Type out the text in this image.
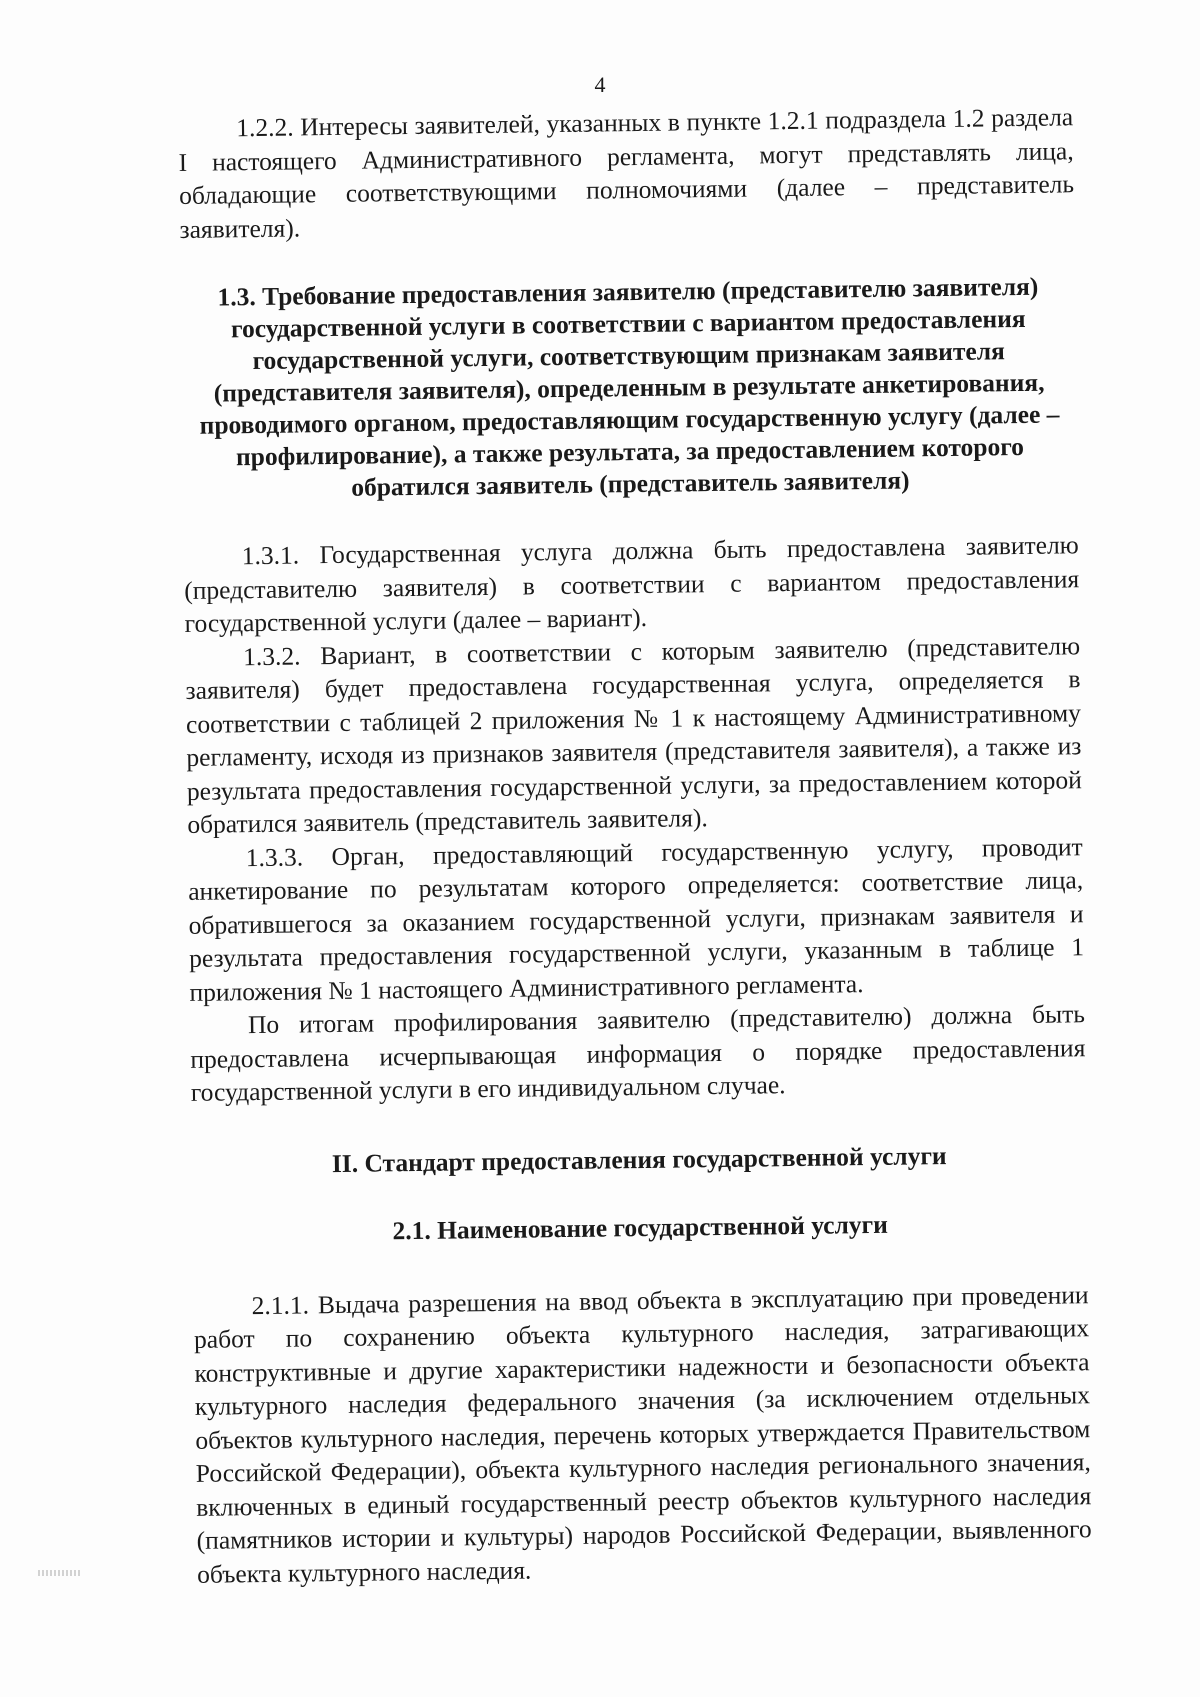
4

1.2.2. Интересы заявителей, указанных в пункте 1.2.1 подраздела 1.2 раздела I настоящего Административного регламента, могут представлять лица, обладающие соответствующими полномочиями (далее – представитель заявителя).

1.3. Требование предоставления заявителю (представителю заявителя) государственной услуги в соответствии с вариантом предоставления государственной услуги, соответствующим признакам заявителя (представителя заявителя), определенным в результате анкетирования, проводимого органом, предоставляющим государственную услугу (далее – профилирование), а также результата, за предоставлением которого обратился заявитель (представитель заявителя)

1.3.1. Государственная услуга должна быть предоставлена заявителю (представителю заявителя) в соответствии с вариантом предоставления государственной услуги (далее – вариант).

1.3.2. Вариант, в соответствии с которым заявителю (представителю заявителя) будет предоставлена государственная услуга, определяется в соответствии с таблицей 2 приложения № 1 к настоящему Административному регламенту, исходя из признаков заявителя (представителя заявителя), а также из результата предоставления государственной услуги, за предоставлением которой обратился заявитель (представитель заявителя).

1.3.3. Орган, предоставляющий государственную услугу, проводит анкетирование по результатам которого определяется: соответствие лица, обратившегося за оказанием государственной услуги, признакам заявителя и результата предоставления государственной услуги, указанным в таблице 1 приложения № 1 настоящего Административного регламента.

По итогам профилирования заявителю (представителю) должна быть предоставлена исчерпывающая информация о порядке предоставления государственной услуги в его индивидуальном случае.

II. Стандарт предоставления государственной услуги
2.1. Наименование государственной услуги

2.1.1. Выдача разрешения на ввод объекта в эксплуатацию при проведении работ по сохранению объекта культурного наследия, затрагивающих конструктивные и другие характеристики надежности и безопасности объекта культурного наследия федерального значения (за исключением отдельных объектов культурного наследия, перечень которых утверждается Правительством Российской Федерации), объекта культурного наследия регионального значения, включенных в единый государственный реестр объектов культурного наследия (памятников истории и культуры) народов Российской Федерации, выявленного объекта культурного наследия.
